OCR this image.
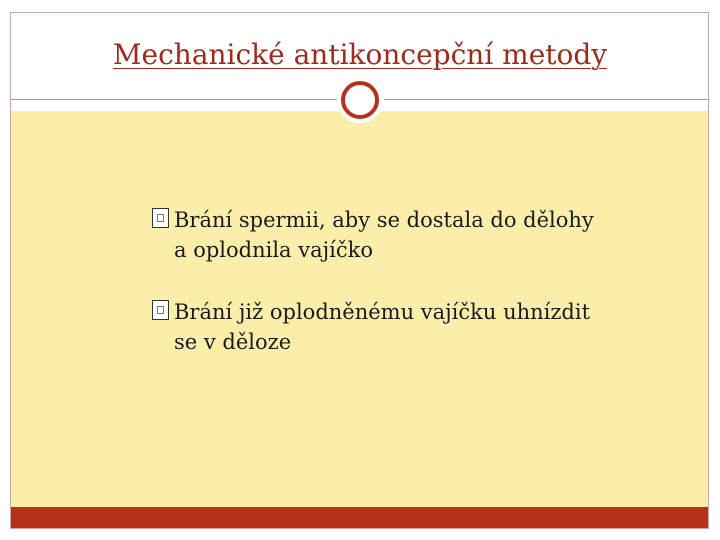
Mechanické antikoncepční metody
Brání spermii, aby se dostala do dělohy a oplodnila vajíčko
Brání již oplodněnému vajíčku uhnízdit se v děloze
